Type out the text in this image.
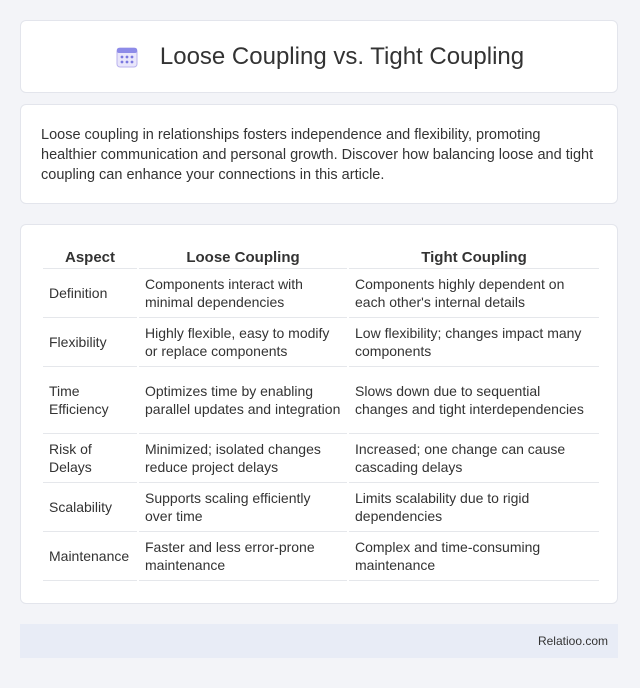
Loose Coupling vs. Tight Coupling
Loose coupling in relationships fosters independence and flexibility, promoting healthier communication and personal growth. Discover how balancing loose and tight coupling can enhance your connections in this article.
Aspect	Loose Coupling	Tight Coupling
Definition	Components interact with minimal dependencies	Components highly dependent on each other's internal details
Flexibility	Highly flexible, easy to modify or replace components	Low flexibility; changes impact many components
Time Efficiency	Optimizes time by enabling parallel updates and integration	Slows down due to sequential changes and tight interdependencies
Risk of Delays	Minimized; isolated changes reduce project delays	Increased; one change can cause cascading delays
Scalability	Supports scaling efficiently over time	Limits scalability due to rigid dependencies
Maintenance	Faster and less error-prone maintenance	Complex and time-consuming maintenance
Relatioo.com
